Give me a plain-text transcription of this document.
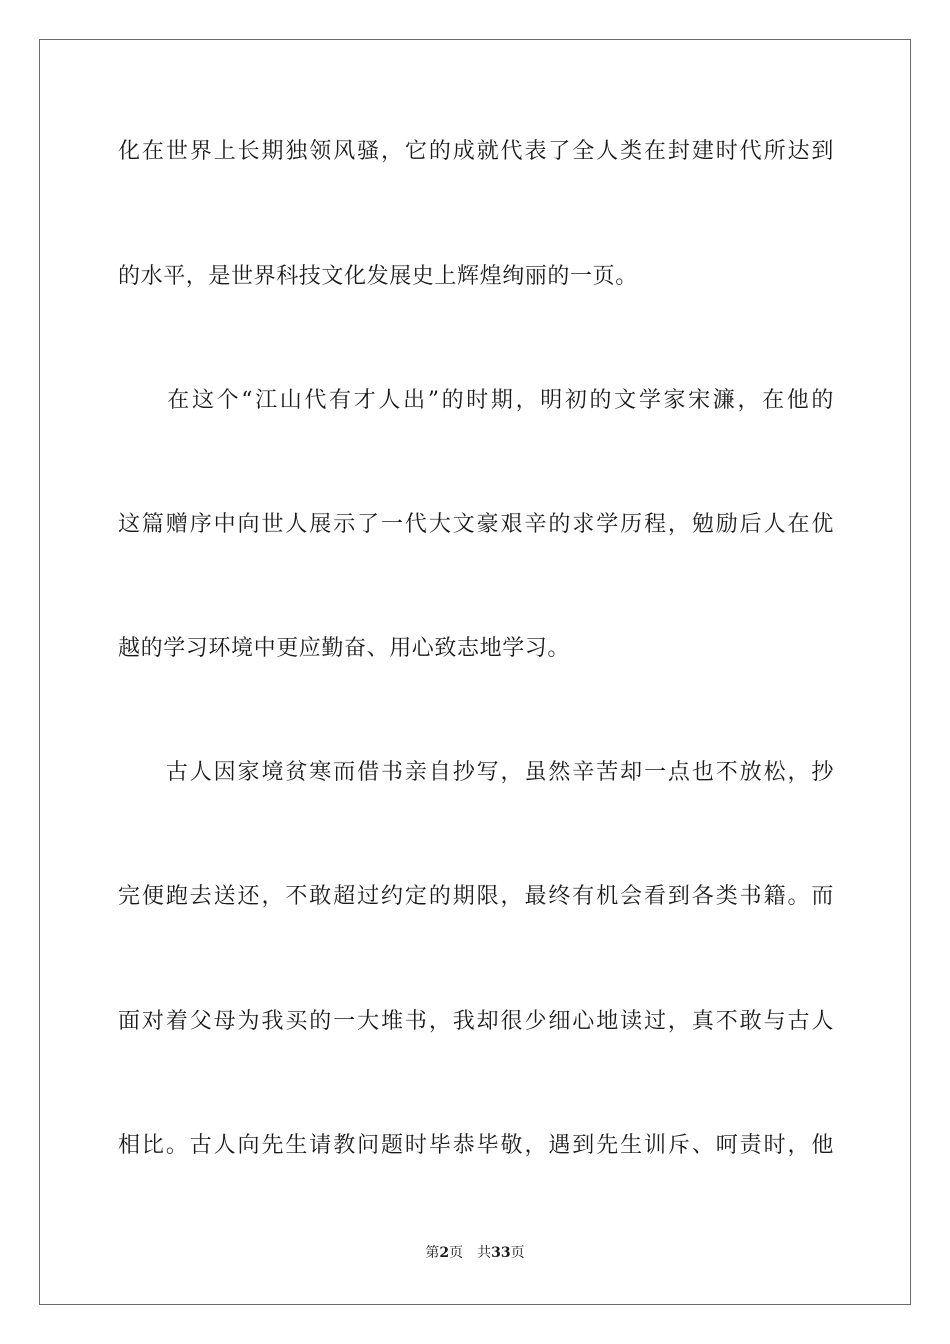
化在世界上长期独领风骚，它的成就代表了全人类在封建时代所达到
的水平，是世界科技文化发展史上辉煌绚丽的一页。
　　在这个“江山代有才人出”的时期，明初的文学家宋濂，在他的
这篇赠序中向世人展示了一代大文豪艰辛的求学历程，勉励后人在优
越的学习环境中更应勤奋、用心致志地学习。
　　古人因家境贫寒而借书亲自抄写，虽然辛苦却一点也不放松，抄
完便跑去送还，不敢超过约定的期限，最终有机会看到各类书籍。而
面对着父母为我买的一大堆书，我却很少细心地读过，真不敢与古人
相比。古人向先生请教问题时毕恭毕敬，遇到先生训斥、呵责时，他
第2页 共33页
